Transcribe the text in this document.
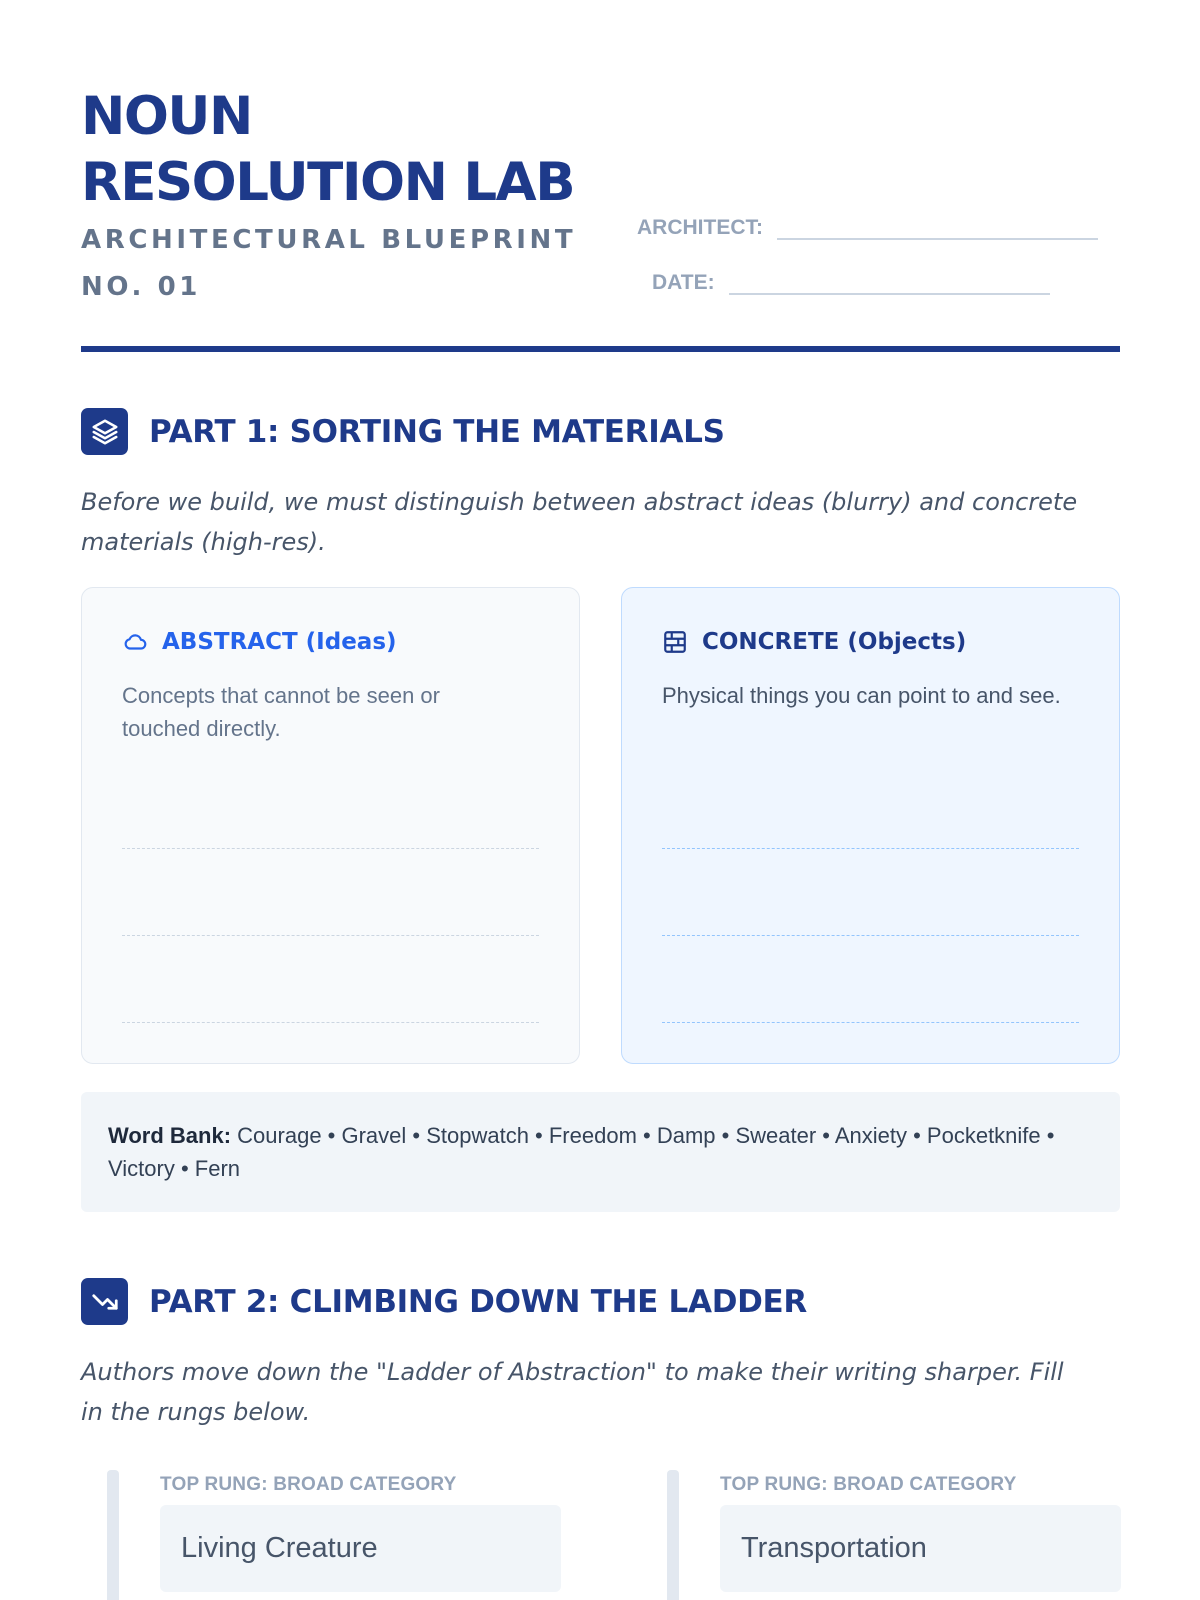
NOUN
RESOLUTION LAB
ARCHITECTURAL BLUEPRINT NO. 01
ARCHITECT:
DATE:
PART 1: SORTING THE MATERIALS

Before we build, we must distinguish between abstract ideas (blurry) and concrete materials (high-res).

ABSTRACT (Ideas)

Concepts that cannot be seen or touched directly.

CONCRETE (Objects)

Physical things you can point to and see.

Word Bank: Courage • Gravel • Stopwatch • Freedom • Damp • Sweater • Anxiety • Pocketknife • Victory • Fern
PART 2: CLIMBING DOWN THE LADDER

Authors move down the "Ladder of Abstraction" to make their writing sharper. Fill in the rungs below.

TOP RUNG: BROAD CATEGORY
Living Creature
TOP RUNG: BROAD CATEGORY
Transportation
